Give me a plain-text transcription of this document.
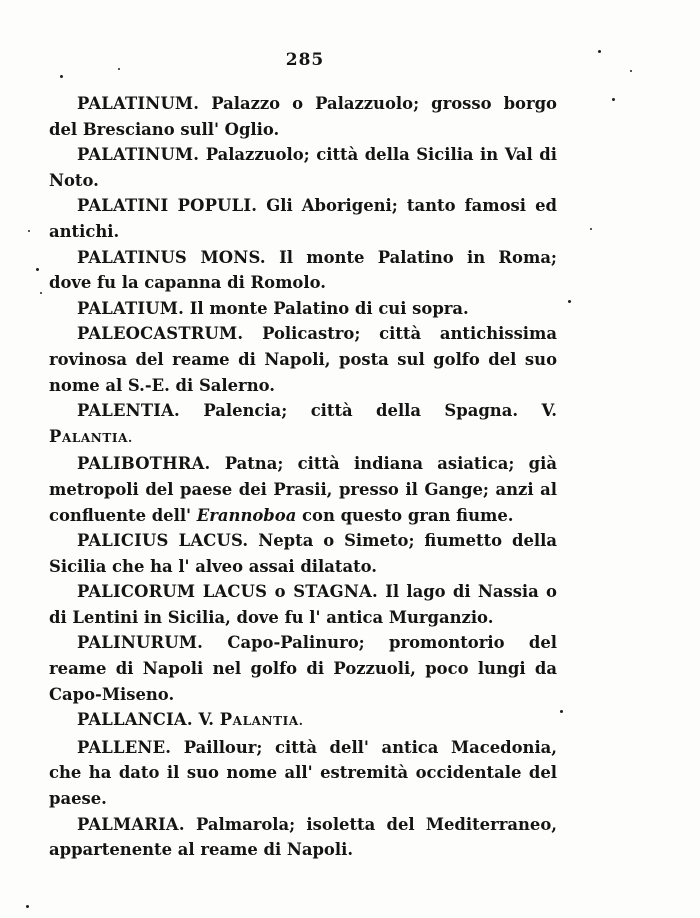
285

PALATINUM. Palazzo o Palazzuolo; grosso borgo del Bresciano sull' Oglio.

PALATINUM. Palazzuolo; città della Sicilia in Val di Noto.

PALATINI POPULI. Gli Aborigeni; tanto famosi ed antichi.

PALATINUS MONS. Il monte Palatino in Roma; dove fu la capanna di Romolo.

PALATIUM. Il monte Palatino di cui sopra.

PALEOCASTRUM. Policastro; città antichissima rovinosa del reame di Napoli, posta sul golfo del suo nome al S.-E. di Salerno.

PALENTIA. Palencia; città della Spagna. V. PALANTIA.

PALIBOTHRA. Patna; città indiana asiatica; già metropoli del paese dei Prasii, presso il Gange; anzi al confluente dell' Erannoboa con questo gran fiume.

PALICIUS LACUS. Nepta o Simeto; fiumetto della Sicilia che ha l' alveo assai dilatato.

PALICORUM LACUS o STAGNA. Il lago di Nassia o di Lentini in Sicilia, dove fu l' antica Murganzio.

PALINURUM. Capo-Palinuro; promontorio del reame di Napoli nel golfo di Pozzuoli, poco lungi da Capo-Miseno.

PALLANCIA. V. PALANTIA.

PALLENE. Paillour; città dell' antica Macedonia, che ha dato il suo nome all' estremità occidentale del paese.

PALMARIA. Palmarola; isoletta del Mediterraneo, appartenente al reame di Napoli.
